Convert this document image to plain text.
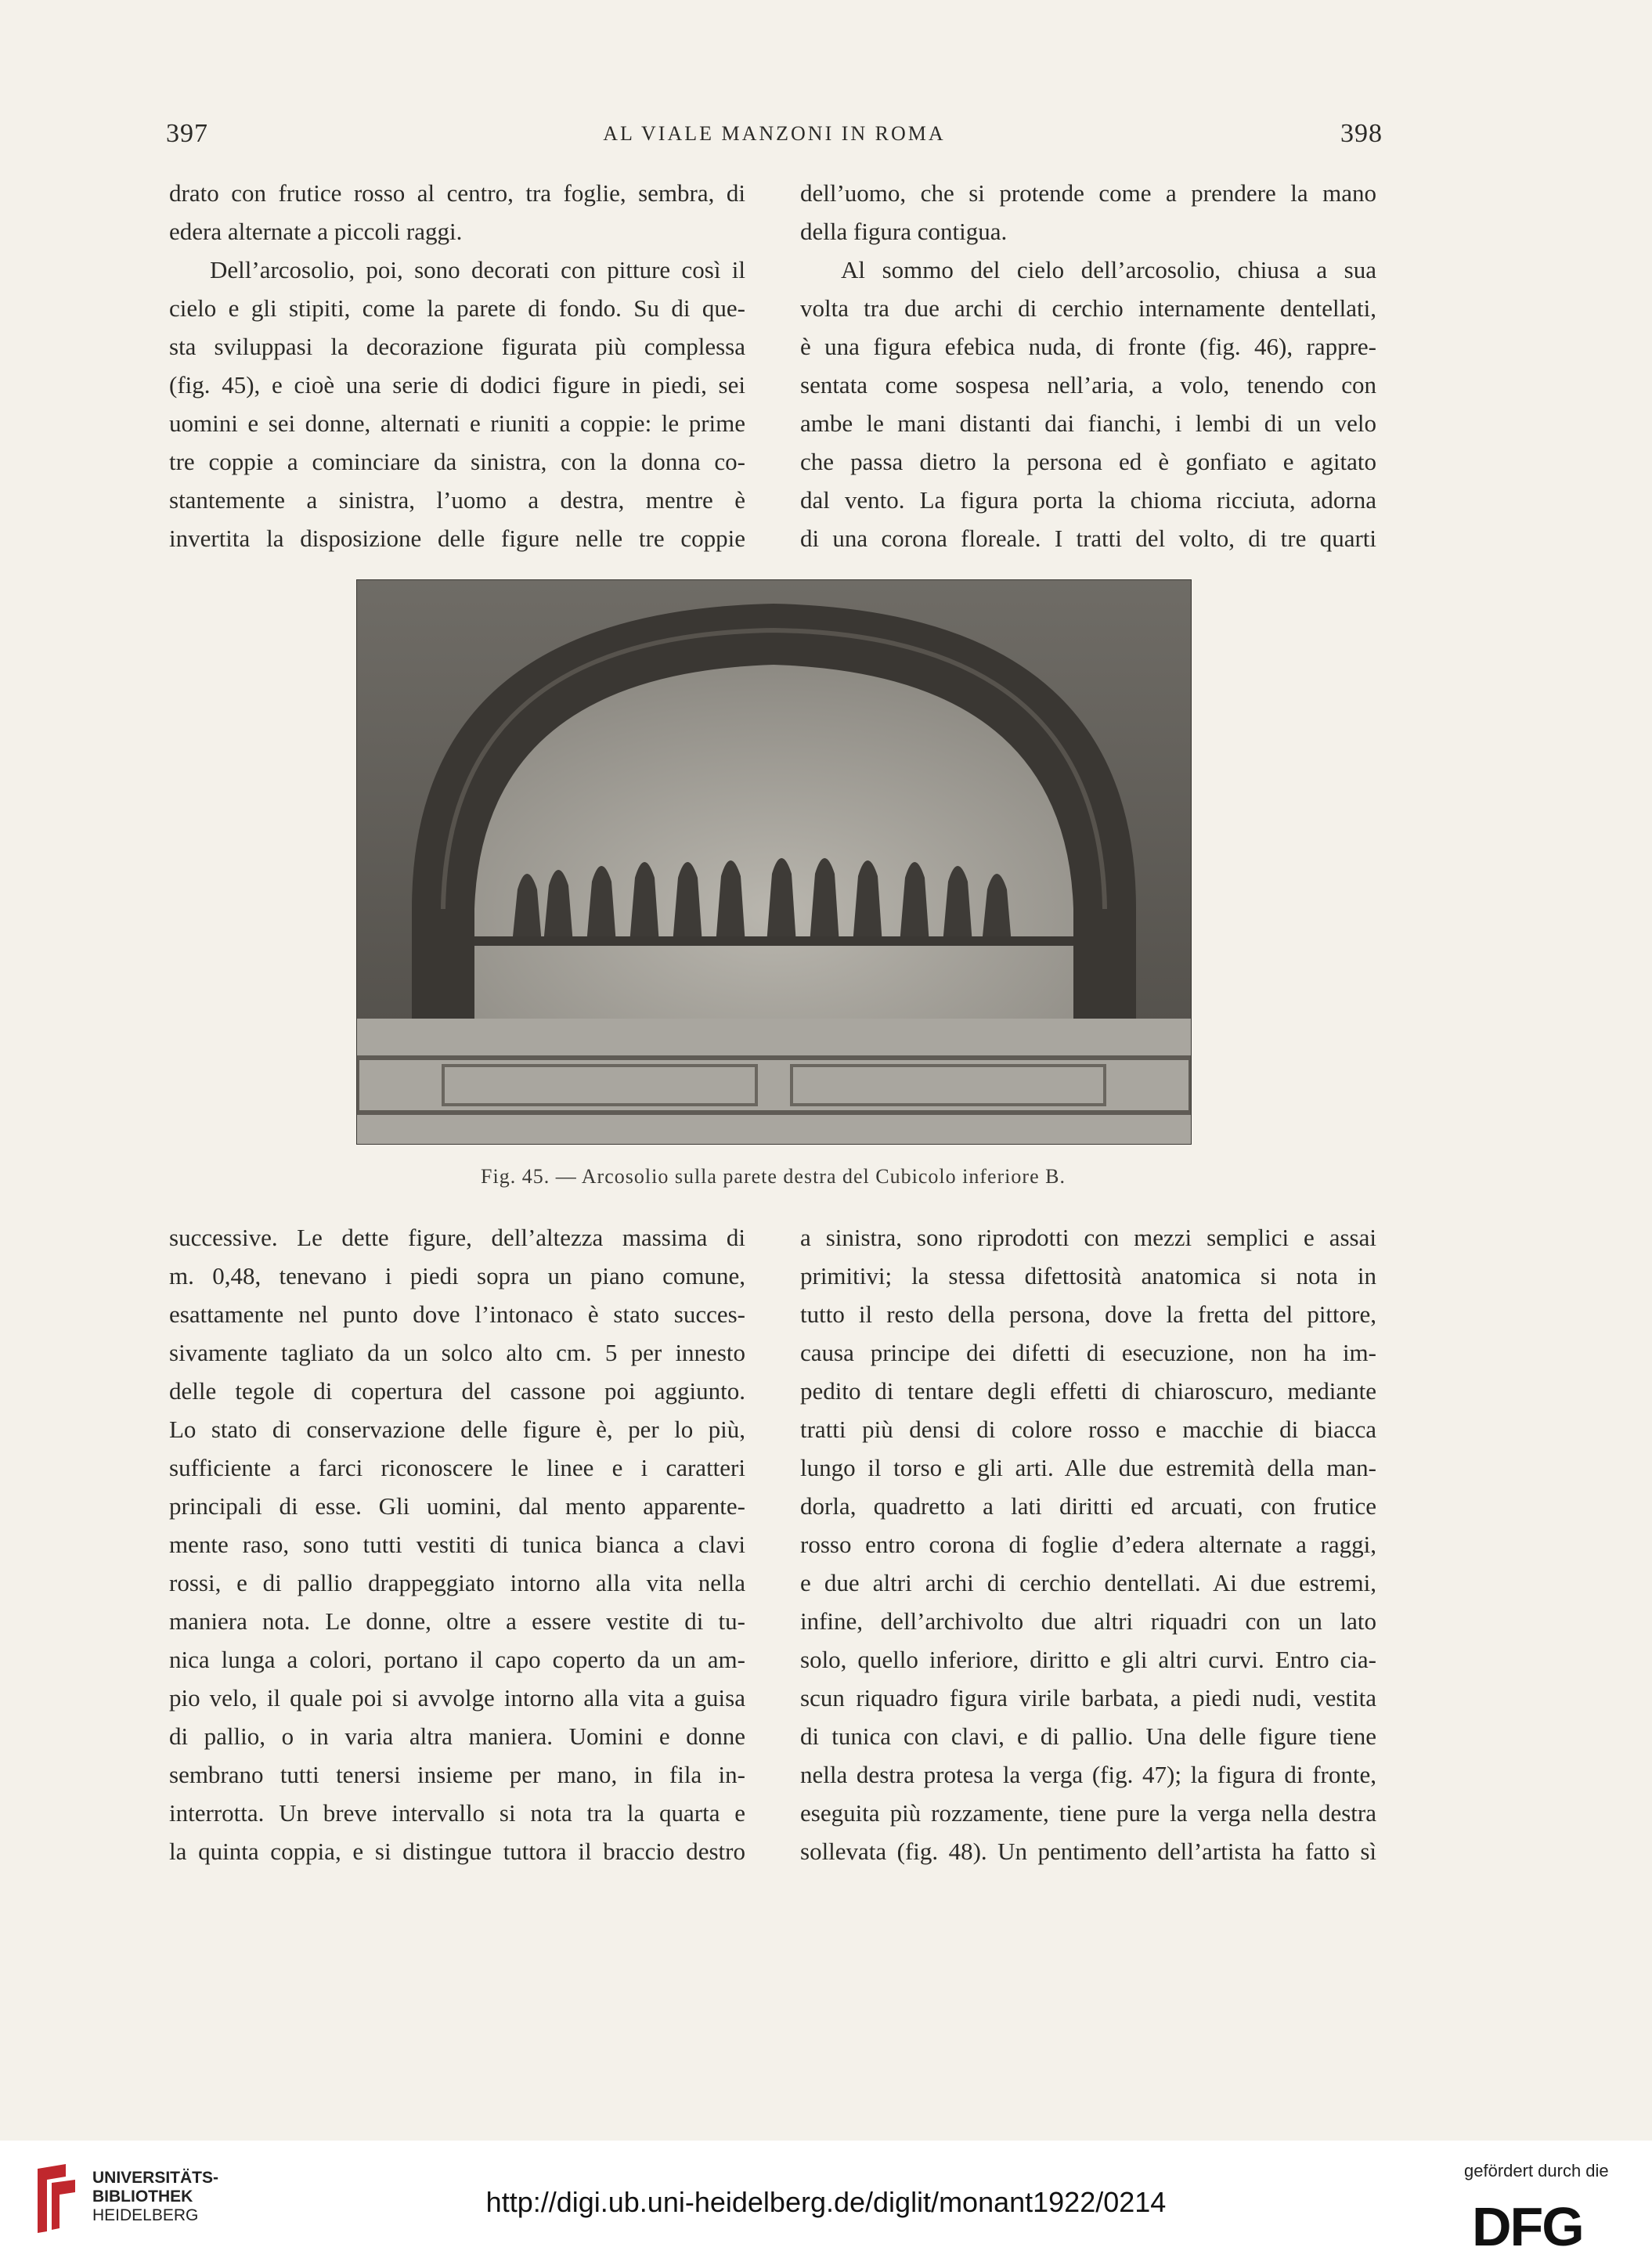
397	AL VIALE MANZONI IN ROMA	398

drato con frutice rosso al centro, tra foglie, sembra, di

edera alternate a piccoli raggi.

Dell’arcosolio, poi, sono decorati con pitture così il

cielo e gli stipiti, come la parete di fondo. Su di que-

sta sviluppasi la decorazione figurata più complessa

(fig. 45), e cioè una serie di dodici figure in piedi, sei

uomini e sei donne, alternati e riuniti a coppie: le prime

tre coppie a cominciare da sinistra, con la donna co-

stantemente a sinistra, l’uomo a destra, mentre è

invertita la disposizione delle figure nelle tre coppie

dell’uomo, che si protende come a prendere la mano

della figura contigua.

Al sommo del cielo dell’arcosolio, chiusa a sua

volta tra due archi di cerchio internamente dentellati,

è una figura efebica nuda, di fronte (fig. 46), rappre-

sentata come sospesa nell’aria, a volo, tenendo con

ambe le mani distanti dai fianchi, i lembi di un velo

che passa dietro la persona ed è gonfiato e agitato

dal vento. La figura porta la chioma ricciuta, adorna

di una corona floreale. I tratti del volto, di tre quarti

Fig. 45. — Arcosolio sulla parete destra del Cubicolo inferiore B.

successive. Le dette figure, dell’altezza massima di

m. 0,48, tenevano i piedi sopra un piano comune,

esattamente nel punto dove l’intonaco è stato succes-

sivamente tagliato da un solco alto cm. 5 per innesto

delle tegole di copertura del cassone poi aggiunto.

Lo stato di conservazione delle figure è, per lo più,

sufficiente a farci riconoscere le linee e i caratteri

principali di esse. Gli uomini, dal mento apparente-

mente raso, sono tutti vestiti di tunica bianca a clavi

rossi, e di pallio drappeggiato intorno alla vita nella

maniera nota. Le donne, oltre a essere vestite di tu-

nica lunga a colori, portano il capo coperto da un am-

pio velo, il quale poi si avvolge intorno alla vita a guisa

di pallio, o in varia altra maniera. Uomini e donne

sembrano tutti tenersi insieme per mano, in fila in-

interrotta. Un breve intervallo si nota tra la quarta e

la quinta coppia, e si distingue tuttora il braccio destro

a sinistra, sono riprodotti con mezzi semplici e assai

primitivi; la stessa difettosità anatomica si nota in

tutto il resto della persona, dove la fretta del pittore,

causa principe dei difetti di esecuzione, non ha im-

pedito di tentare degli effetti di chiaroscuro, mediante

tratti più densi di colore rosso e macchie di biacca

lungo il torso e gli arti. Alle due estremità della man-

dorla, quadretto a lati diritti ed arcuati, con frutice

rosso entro corona di foglie d’edera alternate a raggi,

e due altri archi di cerchio dentellati. Ai due estremi,

infine, dell’archivolto due altri riquadri con un lato

solo, quello inferiore, diritto e gli altri curvi. Entro cia-

scun riquadro figura virile barbata, a piedi nudi, vestita

di tunica con clavi, e di pallio. Una delle figure tiene

nella destra protesa la verga (fig. 47); la figura di fronte,

eseguita più rozzamente, tiene pure la verga nella destra

sollevata (fig. 48). Un pentimento dell’artista ha fatto sì

UNIVERSITÄTS-
BIBLIOTHEK
HEIDELBERG	http://digi.ub.uni-heidelberg.de/diglit/monant1922/0214
gefördert durch die
DFG
